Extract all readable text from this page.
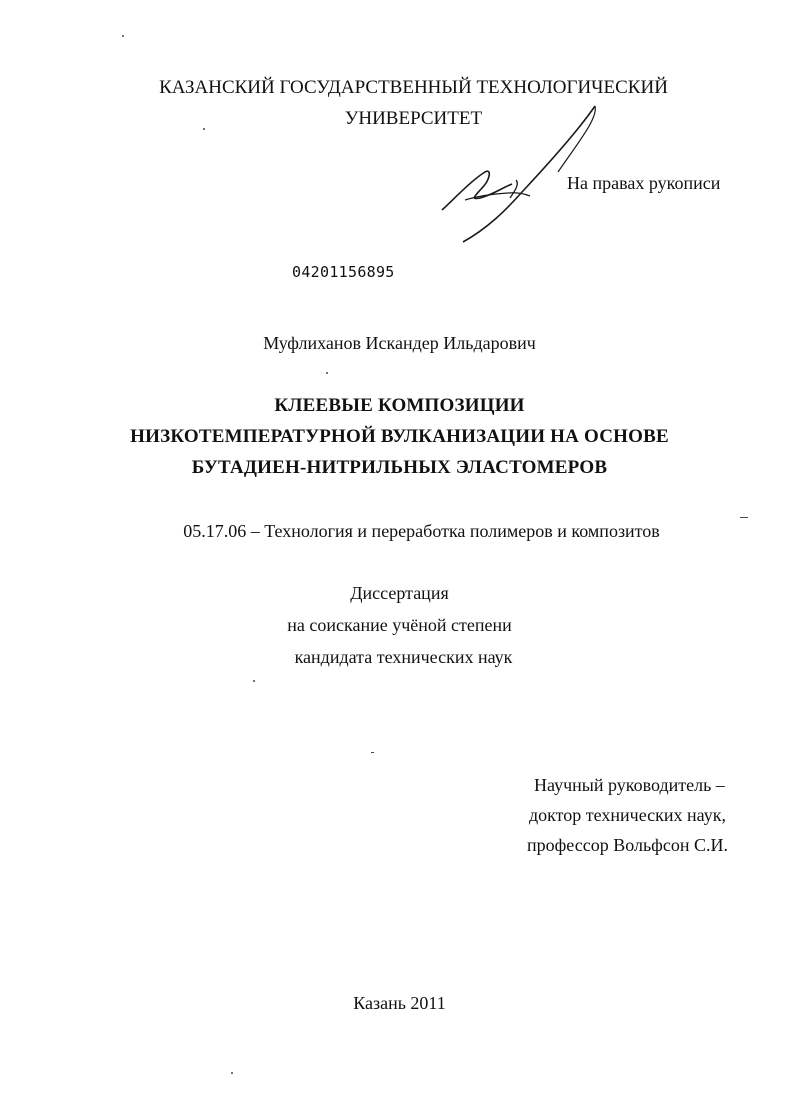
КАЗАНСКИЙ ГОСУДАРСТВЕННЫЙ ТЕХНОЛОГИЧЕСКИЙ
УНИВЕРСИТЕТ
На правах рукописи
04201156895
Муфлиханов Искандер Ильдарович
КЛЕЕВЫЕ КОМПОЗИЦИИ
НИЗКОТЕМПЕРАТУРНОЙ ВУЛКАНИЗАЦИИ НА ОСНОВЕ
БУТАДИЕН-НИТРИЛЬНЫХ ЭЛАСТОМЕРОВ
05.17.06 – Технология и переработка полимеров и композитов
Диссертация
на соискание учёной степени
кандидата технических наук
Научный руководитель –
доктор технических наук,
профессор Вольфсон С.И.
Казань 2011
